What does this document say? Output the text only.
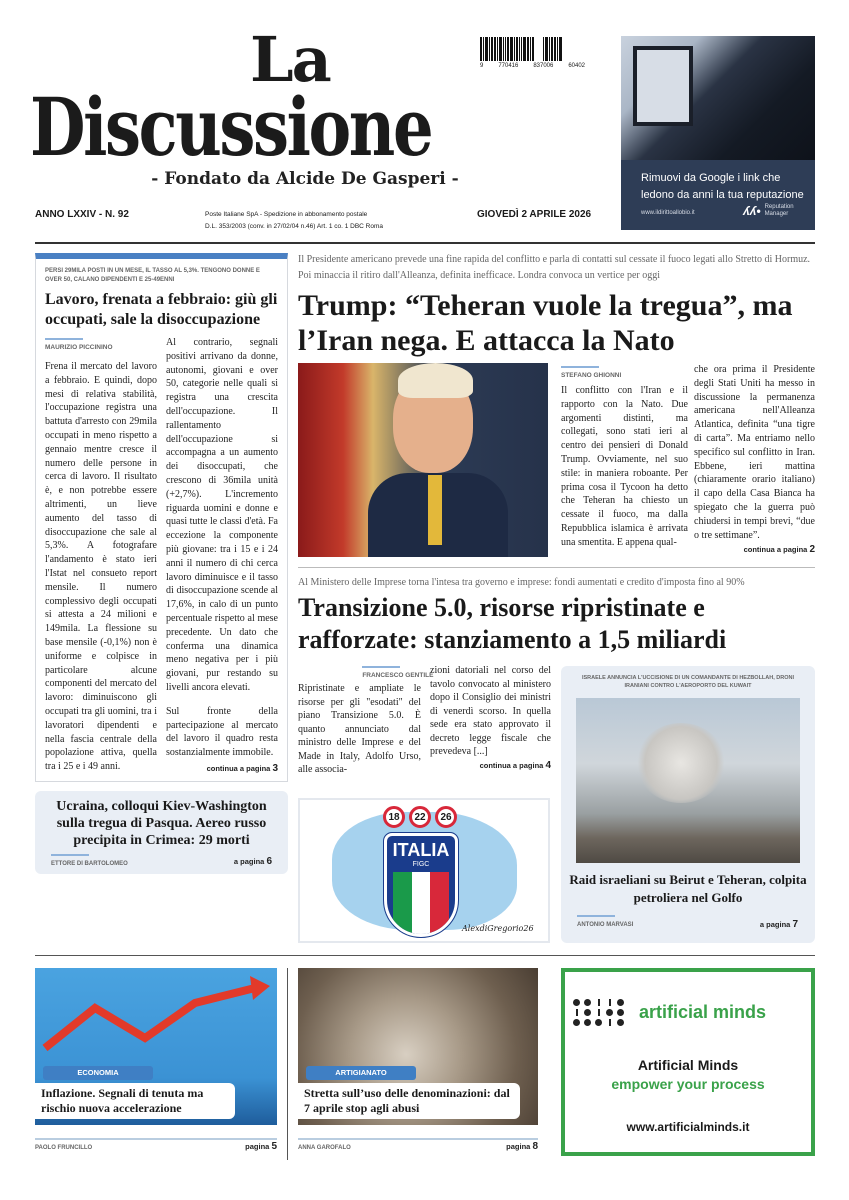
La
Discussione
- Fondato da Alcide De Gasperi -
9 770416 837006 60402
Rimuovi da Google i link che ledono da anni la tua reputazione
www.ildirittoallobio.it	ʎʎ• Reputation
Manager
ANNO LXXIV - N. 92	Poste Italiane SpA - Spedizione in abbonamento postale
D.L. 353/2003 (conv. in 27/02/04 n.46) Art. 1 co. 1 DBC Roma
GIOVEDÌ 2 APRILE 2026
PERSI 29MILA POSTI IN UN MESE, IL TASSO AL 5,3%. TENGONO DONNE E OVER 50, CALANO DIPENDENTI E 25-49ENNI
Lavoro, frenata a febbraio: giù gli occupati, sale la disoccupazione
MAURIZIO PICCININO
Frena il mercato del lavoro a febbraio. E quindi, dopo mesi di relativa stabilità, l'occupazione registra una battuta d'arresto con 29mila occupati in meno rispetto a gennaio mentre cresce il numero delle persone in cerca di lavoro. Il risultato è, e non potrebbe essere altrimenti, un lieve aumento del tasso di disoccupazione che sale al 5,3%. A fotografare l'andamento è stato ieri l'Istat nel consueto report mensile. Il numero complessivo degli occupati si attesta a 24 milioni e 149mila. La flessione su base mensile (-0,1%) non è uniforme e colpisce in particolare alcune componenti del mercato del lavoro: diminuiscono gli occupati tra gli uomini, tra i lavoratori dipendenti e nella fascia centrale della popolazione attiva, quella tra i 25 e i 49 anni.
Al contrario, segnali positivi arrivano da donne, autonomi, giovani e over 50, categorie nelle quali si registra una crescita dell'occupazione. Il rallentamento dell'occupazione si accompagna a un aumento dei disoccupati, che crescono di 36mila unità (+2,7%). L'incremento riguarda uomini e donne e quasi tutte le classi d'età. Fa eccezione la componente più giovane: tra i 15 e i 24 anni il numero di chi cerca lavoro diminuisce e il tasso di disoccupazione scende al 17,6%, in calo di un punto percentuale rispetto al mese precedente. Un dato che conferma una dinamica meno negativa per i più giovani, pur restando su livelli ancora elevati.
Sul fronte della partecipazione al mercato del lavoro il quadro resta sostanzialmente immobile.
continua a pagina 3
Ucraina, colloqui Kiev-Washington sulla tregua di Pasqua. Aereo russo precipita in Crimea: 29 morti
ETTORE DI BARTOLOMEO	a pagina 6
Il Presidente americano prevede una fine rapida del conflitto e parla di contatti sul cessate il fuoco legati allo Stretto di Hormuz. Poi minaccia il ritiro dall'Alleanza, definita inefficace. Londra convoca un vertice per oggi
Trump: “Teheran vuole la tregua”, ma l’Iran nega. E attacca la Nato
STEFANO GHIONNI
Il conflitto con l'Iran e il rapporto con la Nato. Due argomenti distinti, ma collegati, sono stati ieri al centro dei pensieri di Donald Trump. Ovviamente, nel suo stile: in maniera roboante. Per prima cosa il Tycoon ha detto che Teheran ha chiesto un cessate il fuoco, ma dalla Repubblica islamica è arrivata una smentita. E appena qual-
che ora prima il Presidente degli Stati Uniti ha messo in discussione la permanenza americana nell'Alleanza Atlantica, definita “una tigre di carta”. Ma entriamo nello specifico sul conflitto in Iran. Ebbene, ieri mattina (chiaramente orario italiano) il capo della Casa Bianca ha spiegato che la guerra può chiudersi in tempi brevi, “due o tre settimane”.
continua a pagina 2
Al Ministero delle Imprese torna l'intesa tra governo e imprese: fondi aumentati e credito d'imposta fino al 90%
Transizione 5.0, risorse ripristinate e rafforzate: stanziamento a 1,5 miliardi
FRANCESCO GENTILE
Ripristinate e ampliate le risorse per gli "esodati" del piano Transizione 5.0. È quanto annunciato dal ministro delle Imprese e del Made in Italy, Adolfo Urso, alle associa-
zioni datoriali nel corso del tavolo convocato al ministero dopo il Consiglio dei ministri di venerdì scorso. In quella sede era stato approvato il decreto legge fiscale che prevedeva [...]
continua a pagina 4
ISRAELE ANNUNCIA L'UCCISIONE DI UN COMANDANTE DI HEZBOLLAH, DRONI IRANIANI CONTRO L'AEROPORTO DEL KUWAIT
Raid israeliani su Beirut e Teheran, colpita petroliera nel Golfo
ANTONIO MARVASI	a pagina 7
18	22	26
ITALIA
FIGC
AlexdiGregorio26
ECONOMIA
Inflazione. Segnali di tenuta ma rischio nuova accelerazione
PAOLO FRUNCILLO	pagina 5
ARTIGIANATO
Stretta sull’uso delle denominazioni: dal 7 aprile stop agli abusi
ANNA GAROFALO	pagina 8
artificial minds
Artificial Minds
empower your process
www.artificialminds.it
